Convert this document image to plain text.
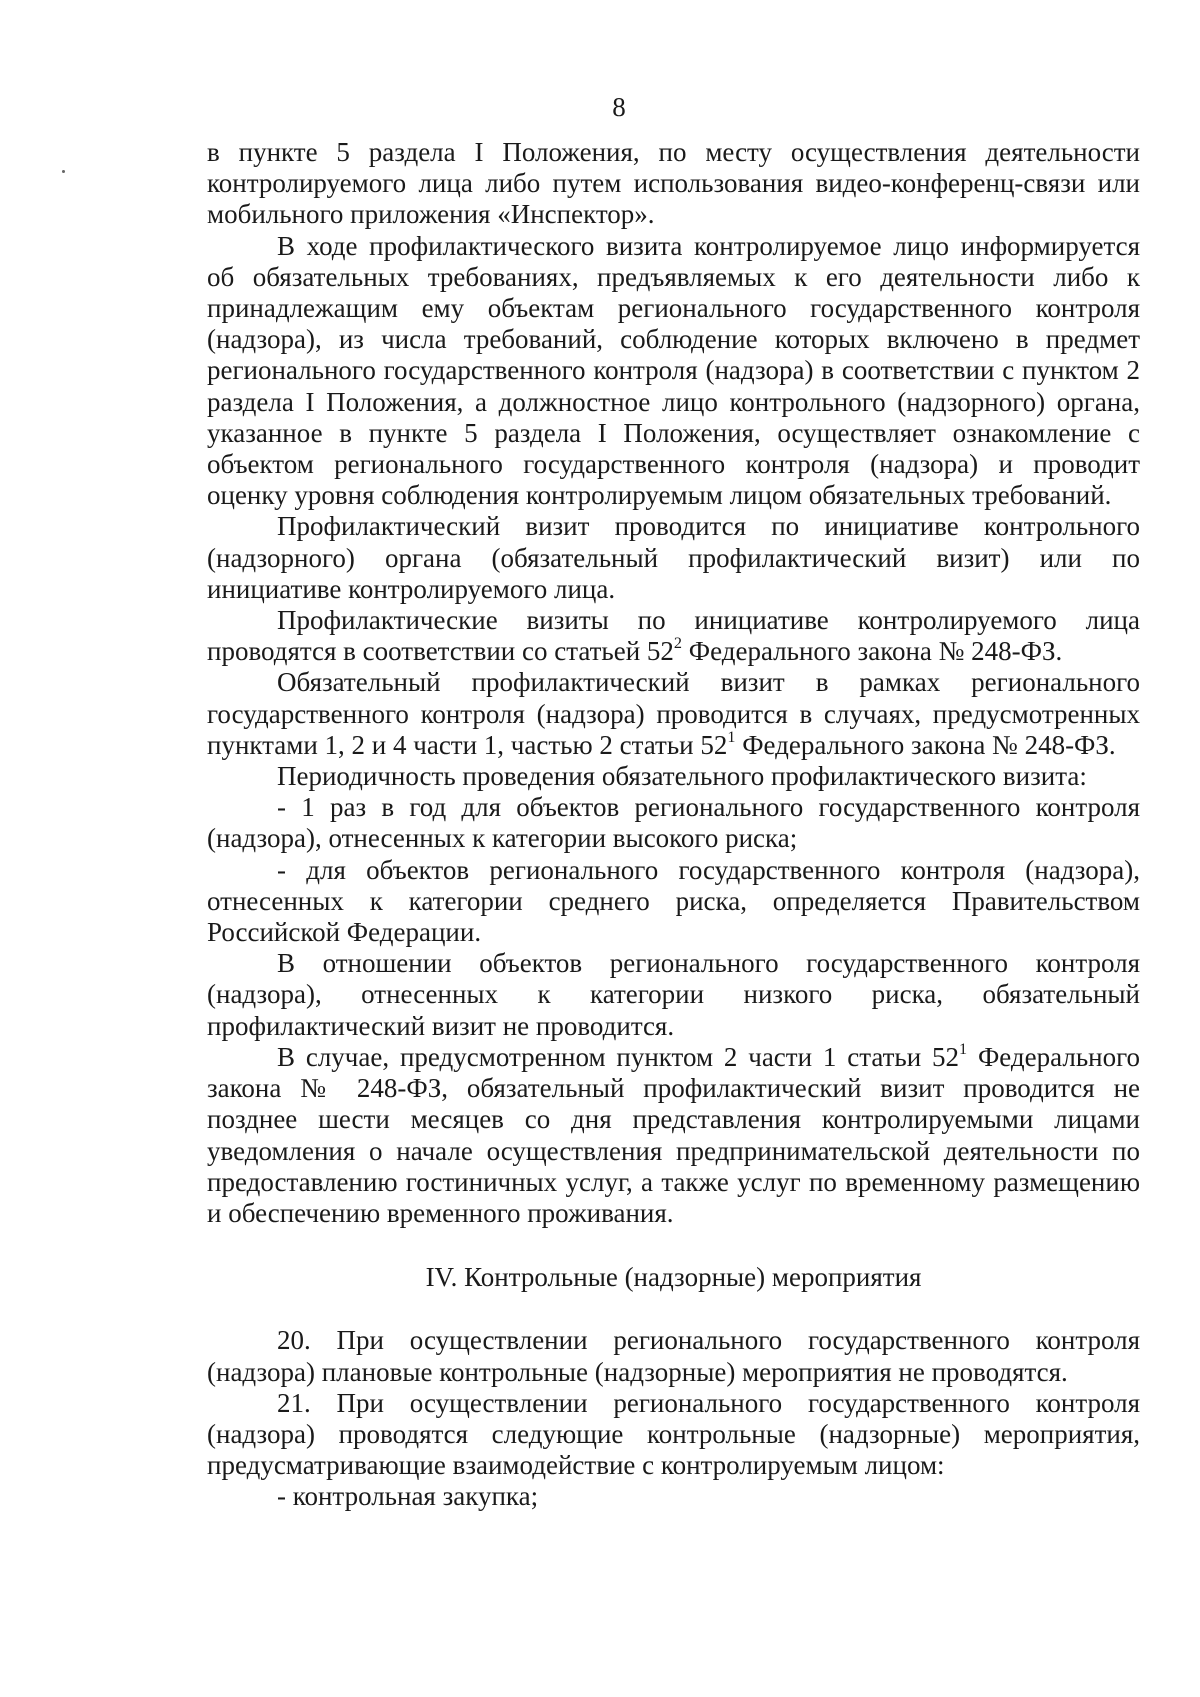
8

в пункте 5 раздела I Положения, по месту осуществления деятельности контролируемого лица либо путем использования видео-конференц-связи или мобильного приложения «Инспектор».

В ходе профилактического визита контролируемое лицо информируется об обязательных требованиях, предъявляемых к его деятельности либо к принадлежащим ему объектам регионального государственного контроля (надзора), из числа требований, соблюдение которых включено в предмет регионального государственного контроля (надзора) в соответствии с пунктом 2 раздела I Положения, а должностное лицо контрольного (надзорного) органа, указанное в пункте 5 раздела I Положения, осуществляет ознакомление с объектом регионального государственного контроля (надзора) и проводит оценку уровня соблюдения контролируемым лицом обязательных требований.

Профилактический визит проводится по инициативе контрольного (надзорного) органа (обязательный профилактический визит) или по инициативе контролируемого лица.

Профилактические визиты по инициативе контролируемого лица проводятся в соответствии со статьей $52^2$ Федерального закона № 248-ФЗ.

Обязательный профилактический визит в рамках регионального государственного контроля (надзора) проводится в случаях, предусмотренных пунктами 1, 2 и 4 части 1, частью 2 статьи $52^1$ Федерального закона № 248-ФЗ.

Периодичность проведения обязательного профилактического визита:

- 1 раз в год для объектов регионального государственного контроля (надзора), отнесенных к категории высокого риска;

- для объектов регионального государственного контроля (надзора), отнесенных к категории среднего риска, определяется Правительством Российской Федерации.

В отношении объектов регионального государственного контроля (надзора), отнесенных к категории низкого риска, обязательный профилактический визит не проводится.

В случае, предусмотренном пунктом 2 части 1 статьи $52^1$ Федерального закона № 248-ФЗ, обязательный профилактический визит проводится не позднее шести месяцев со дня представления контролируемыми лицами уведомления о начале осуществления предпринимательской деятельности по предоставлению гостиничных услуг, а также услуг по временному размещению и обеспечению временного проживания.

IV. Контрольные (надзорные) мероприятия

20. При осуществлении регионального государственного контроля (надзора) плановые контрольные (надзорные) мероприятия не проводятся.

21. При осуществлении регионального государственного контроля (надзора) проводятся следующие контрольные (надзорные) мероприятия, предусматривающие взаимодействие с контролируемым лицом:

- контрольная закупка;
